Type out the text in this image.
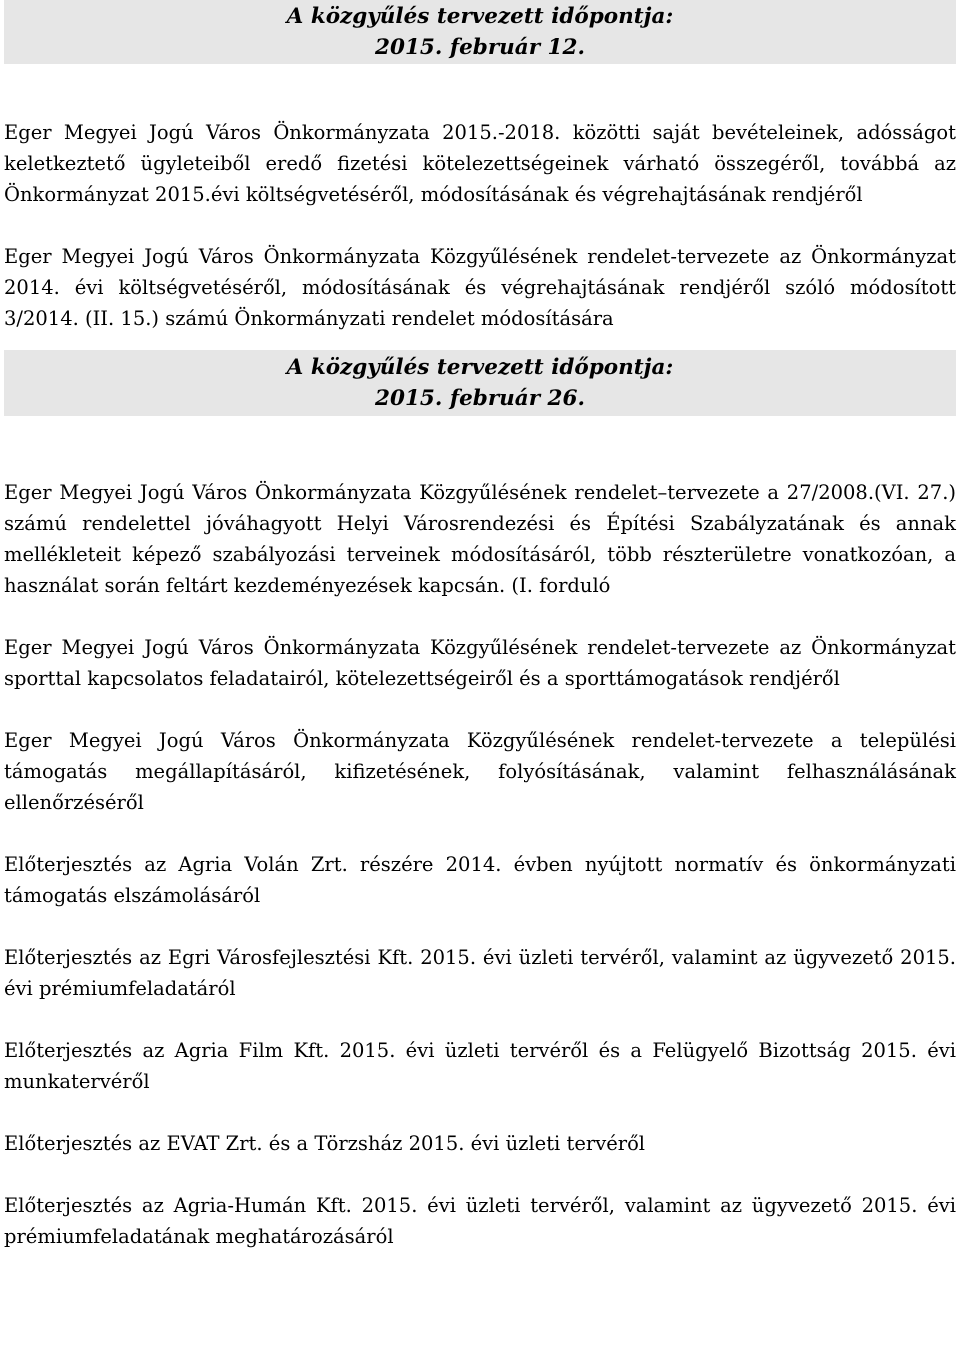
A közgyűlés tervezett időpontja:
2015. február 12.

Eger Megyei Jogú Város Önkormányzata 2015.-2018. közötti saját bevételeinek, adósságot keletkeztető ügyleteiből eredő fizetési kötelezettségeinek várható összegéről, továbbá az Önkormányzat 2015.évi költségvetéséről, módosításának és végrehajtásának rendjéről

Eger Megyei Jogú Város Önkormányzata Közgyűlésének rendelet-tervezete az Önkormányzat 2014. évi költségvetéséről, módosításának és végrehajtásának rendjéről szóló módosított 3/2014. (II. 15.) számú Önkormányzati rendelet módosítására

A közgyűlés tervezett időpontja:
2015. február 26.

Eger Megyei Jogú Város Önkormányzata Közgyűlésének rendelet–tervezete a 27/2008.(VI. 27.) számú rendelettel jóváhagyott Helyi Városrendezési és Építési Szabályzatának és annak mellékleteit képező szabályozási terveinek módosításáról, több részterületre vonatkozóan, a használat során feltárt kezdeményezések kapcsán. (I. forduló

Eger Megyei Jogú Város Önkormányzata Közgyűlésének rendelet-tervezete az Önkormányzat sporttal kapcsolatos feladatairól, kötelezettségeiről és a sporttámogatások rendjéről

Eger Megyei Jogú Város Önkormányzata Közgyűlésének rendelet-tervezete a települési támogatás megállapításáról, kifizetésének, folyósításának, valamint felhasználásának ellenőrzéséről

Előterjesztés az Agria Volán Zrt. részére 2014. évben nyújtott normatív és önkormányzati támogatás elszámolásáról

Előterjesztés az Egri Városfejlesztési Kft. 2015. évi üzleti tervéről, valamint az ügyvezető 2015. évi prémiumfeladatáról

Előterjesztés az Agria Film Kft. 2015. évi üzleti tervéről és a Felügyelő Bizottság 2015. évi munkatervéről

Előterjesztés az EVAT Zrt. és a Törzsház 2015. évi üzleti tervéről

Előterjesztés az Agria-Humán Kft. 2015. évi üzleti tervéről, valamint az ügyvezető 2015. évi prémiumfeladatának meghatározásáról
